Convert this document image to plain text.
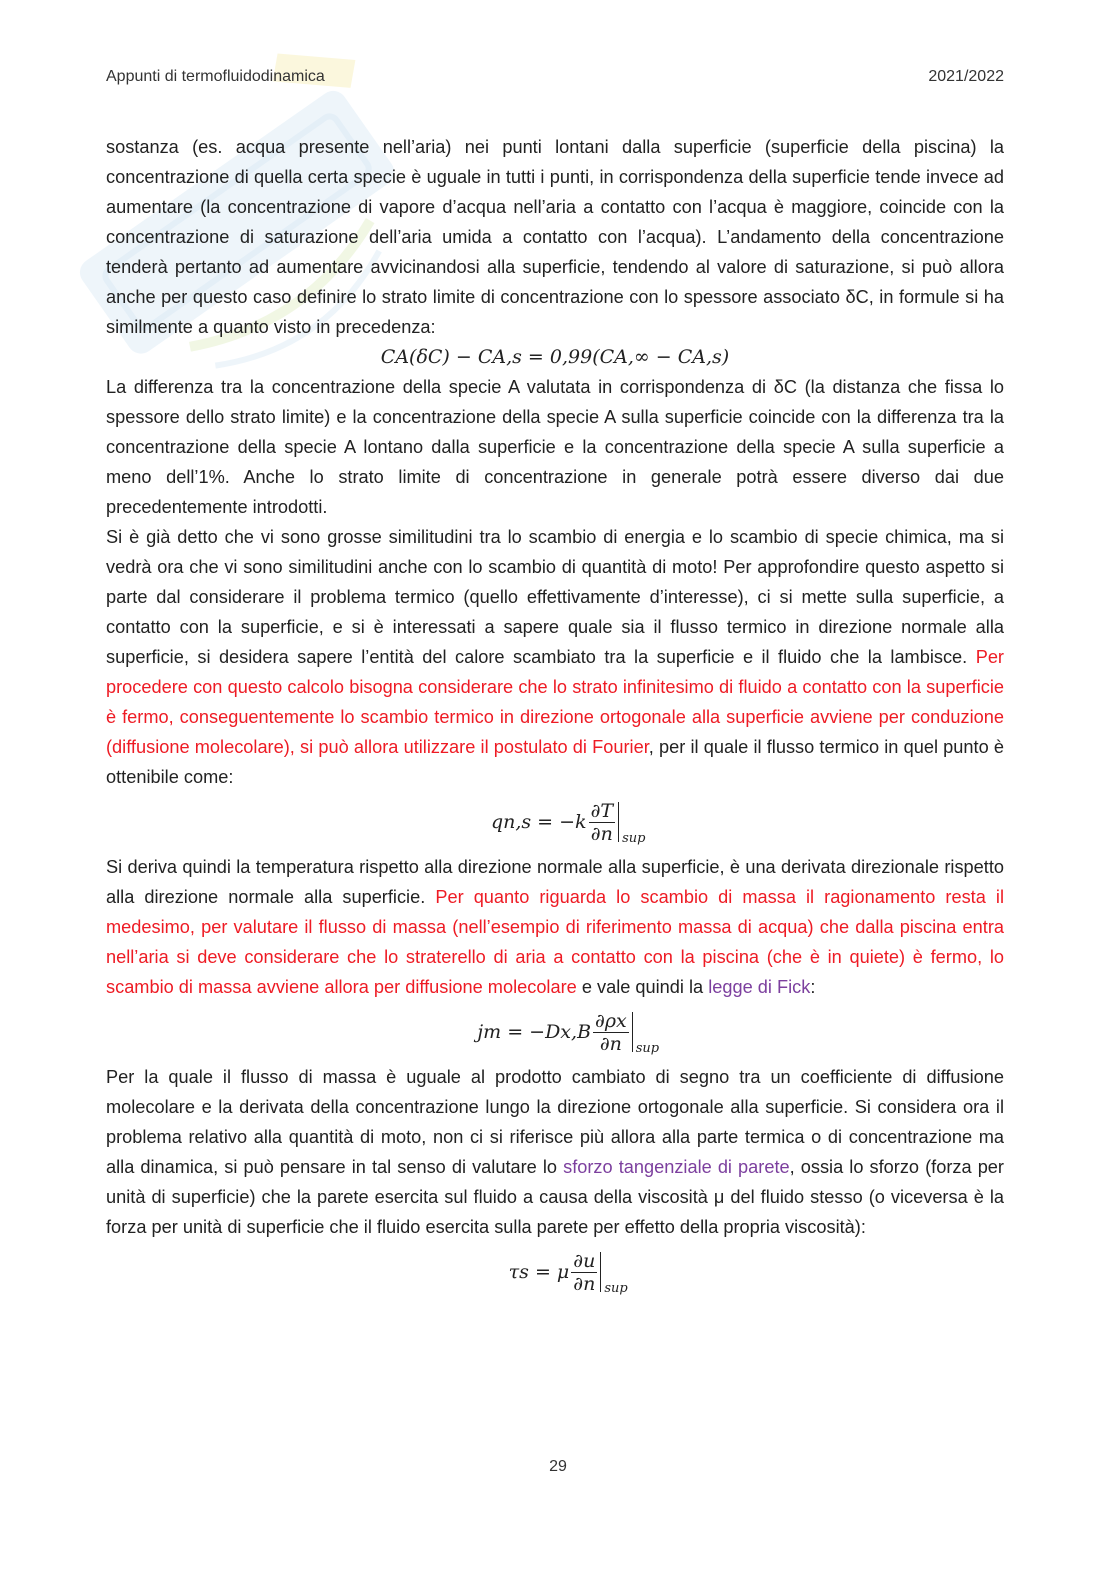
Appunti di termofluidodinamica	2021/2022

sostanza (es. acqua presente nell’aria) nei punti lontani dalla superficie (superficie della piscina) la concentrazione di quella certa specie è uguale in tutti i punti, in corrispondenza della superficie tende invece ad aumentare (la concentrazione di vapore d’acqua nell’aria a contatto con l’acqua è maggiore, coincide con la concentrazione di saturazione dell’aria umida a contatto con l’acqua). L’andamento della concentrazione tenderà pertanto ad aumentare avvicinandosi alla superficie, tendendo al valore di saturazione, si può allora anche per questo caso definire lo strato limite di concentrazione con lo spessore associato δC, in formule si ha similmente a quanto visto in precedenza:

CA(δC) − CA,s = 0,99(CA,∞ − CA,s)

La differenza tra la concentrazione della specie A valutata in corrispondenza di δC (la distanza che fissa lo spessore dello strato limite) e la concentrazione della specie A sulla superficie coincide con la differenza tra la concentrazione della specie A lontano dalla superficie e la concentrazione della specie A sulla superficie a meno dell’1%. Anche lo strato limite di concentrazione in generale potrà essere diverso dai due precedentemente introdotti.

Si è già detto che vi sono grosse similitudini tra lo scambio di energia e lo scambio di specie chimica, ma si vedrà ora che vi sono similitudini anche con lo scambio di quantità di moto! Per approfondire questo aspetto si parte dal considerare il problema termico (quello effettivamente d’interesse), ci si mette sulla superficie, a contatto con la superficie, e si è interessati a sapere quale sia il flusso termico in direzione normale alla superficie, si desidera sapere l’entità del calore scambiato tra la superficie e il fluido che la lambisce. Per procedere con questo calcolo bisogna considerare che lo strato infinitesimo di fluido a contatto con la superficie è fermo, conseguentemente lo scambio termico in direzione ortogonale alla superficie avviene per conduzione (diffusione molecolare), si può allora utilizzare il postulato di Fourier, per il quale il flusso termico in quel punto è ottenibile come:

$qn,s = -k \frac{\partial T}{\partial n}$ sup

Si deriva quindi la temperatura rispetto alla direzione normale alla superficie, è una derivata direzionale rispetto alla direzione normale alla superficie. Per quanto riguarda lo scambio di massa il ragionamento resta il medesimo, per valutare il flusso di massa (nell’esempio di riferimento massa di acqua) che dalla piscina entra nell’aria si deve considerare che lo straterello di aria a contatto con la piscina (che è in quiete) è fermo, lo scambio di massa avviene allora per diffusione molecolare e vale quindi la legge di Fick:

jm = $-Dx,B \frac{\partial\rho x}{\partial n}$ sup

Per la quale il flusso di massa è uguale al prodotto cambiato di segno tra un coefficiente di diffusione molecolare e la derivata della concentrazione lungo la direzione ortogonale alla superficie. Si considera ora il problema relativo alla quantità di moto, non ci si riferisce più allora alla parte termica o di concentrazione ma alla dinamica, si può pensare in tal senso di valutare lo sforzo tangenziale di parete, ossia lo sforzo (forza per unità di superficie) che la parete esercita sul fluido a causa della viscosità μ del fluido stesso (o viceversa è la forza per unità di superficie che il fluido esercita sulla parete per effetto della propria viscosità):

τs = μ $\frac{\partial u}{\partial n}$ sup
29
